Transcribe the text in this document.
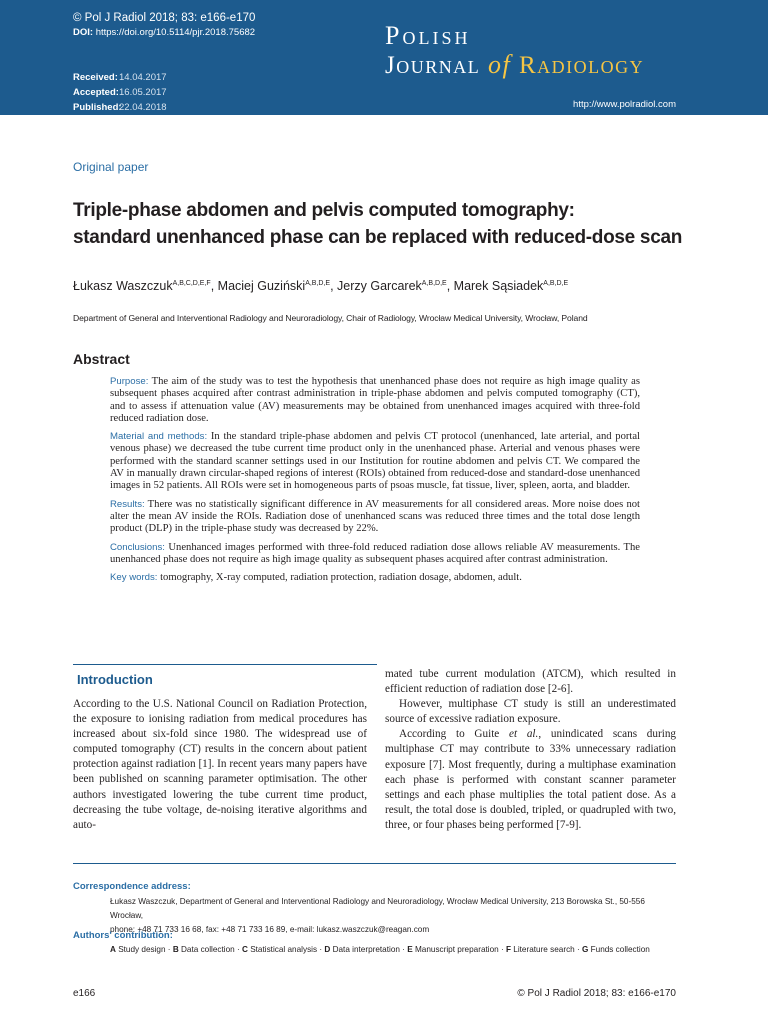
© Pol J Radiol 2018; 83: e166-e170
DOI: https://doi.org/10.5114/pjr.2018.75682
Received: 14.04.2017
Accepted: 16.05.2017
Published:
22.04.2018
Polish
Journal of Radiology
http://www.polradiol.com
Original paper
Triple-phase abdomen and pelvis computed tomography:
standard unenhanced phase can be replaced with reduced-dose scan
Łukasz Waszczuk$^{A,B,C,D,E,F}$, Maciej Guziński$^{A,B,D,E}$, Jerzy Garcarek$^{A,B,D,E}$, Marek Sąsiadek$^{A,B,D,E}$
Department of General and Interventional Radiology and Neuroradiology, Chair of Radiology, Wrocław Medical University, Wrocław, Poland
Abstract

Purpose: The aim of the study was to test the hypothesis that unenhanced phase does not require as high image quality as subsequent phases acquired after contrast administration in triple-phase abdomen and pelvis computed tomography (CT), and to assess if attenuation value (AV) measurements may be obtained from unenhanced images acquired with three-fold reduced radiation dose.

Material and methods: In the standard triple-phase abdomen and pelvis CT protocol (unenhanced, late arterial, and portal venous phase) we decreased the tube current time product only in the unenhanced phase. Arterial and venous phases were performed with the standard scanner settings used in our Institution for routine abdomen and pelvis CT. We compared the AV in manually drawn circular-shaped regions of interest (ROIs) obtained from reduced-dose and standard-dose unenhanced images in 52 patients. All ROIs were set in homogeneous parts of psoas muscle, fat tissue, liver, spleen, aorta, and bladder.

Results: There was no statistically significant difference in AV measurements for all considered areas. More noise does not alter the mean AV inside the ROIs. Radiation dose of unenhanced scans was reduced three times and the total dose length product (DLP) in the triple-phase study was decreased by 22%.

Conclusions: Unenhanced images performed with three-fold reduced radiation dose allows reliable AV measurements. The unenhanced phase does not require as high image quality as subsequent phases acquired after contrast administration.

Key words: tomography, X-ray computed, radiation protection, radiation dosage, abdomen, adult.

Introduction

According to the U.S. National Council on Radiation Protection, the exposure to ionising radiation from medical procedures has increased about six-fold since 1980. The widespread use of computed tomography (CT) results in the concern about patient protection against radiation [1]. In recent years many papers have been published on scanning parameter optimisation. The other authors investigated lowering the tube current time product, decreasing the tube voltage, de-noising iterative algorithms and auto-

mated tube current modulation (ATCM), which resulted in efficient reduction of radiation dose [2-6].

However, multiphase CT study is still an underestimated source of excessive radiation exposure.

According to Guite et al., unindicated scans during multiphase CT may contribute to 33% unnecessary radiation exposure [7]. Most frequently, during a multiphase examination each phase is performed with constant scanner parameter settings and each phase multiplies the total patient dose. As a result, the total dose is doubled, tripled, or quadrupled with two, three, or four phases being performed [7-9].

Correspondence address:
Łukasz Waszczuk, Department of General and Interventional Radiology and Neuroradiology, Wrocław Medical University, 213 Borowska St., 50-556 Wrocław,
phone: +48 71 733 16 68, fax: +48 71 733 16 89, e-mail: lukasz.waszczuk@reagan.com
Authors' contribution:
A Study design · B Data collection · C Statistical analysis · D Data interpretation · E Manuscript preparation · F Literature search · G Funds collection
e166	© Pol J Radiol 2018; 83: e166-e170
